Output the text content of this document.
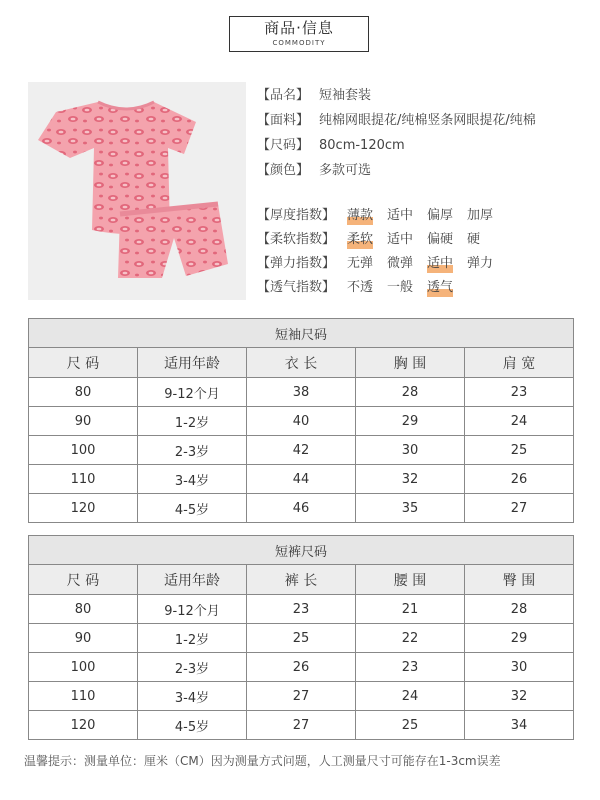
商品·信息
COMMODITY
【品名】 短袖套装
【面料】 纯棉网眼提花/纯棉竖条网眼提花/纯棉
【尺码】 80cm-120cm
【颜色】 多款可选
【厚度指数】 薄款 适中 偏厚 加厚
【柔软指数】 柔软 适中 偏硬 硬
【弹力指数】 无弹 微弹 适中 弹力
【透气指数】 不透 一般 透气
短袖尺码				
尺 码	适用年龄	衣 长	胸 围	肩 宽
80	9-12个月	38	28	23
90	1-2岁	40	29	24
100	2-3岁	42	30	25
110	3-4岁	44	32	26
120	4-5岁	46	35	27
短裤尺码				
尺 码	适用年龄	裤 长	腰 围	臀 围
80	9-12个月	23	21	28
90	1-2岁	25	22	29
100	2-3岁	26	23	30
110	3-4岁	27	24	32
120	4-5岁	27	25	34
温馨提示：测量单位：厘米（CM）因为测量方式问题，人工测量尺寸可能存在1-3cm误差
